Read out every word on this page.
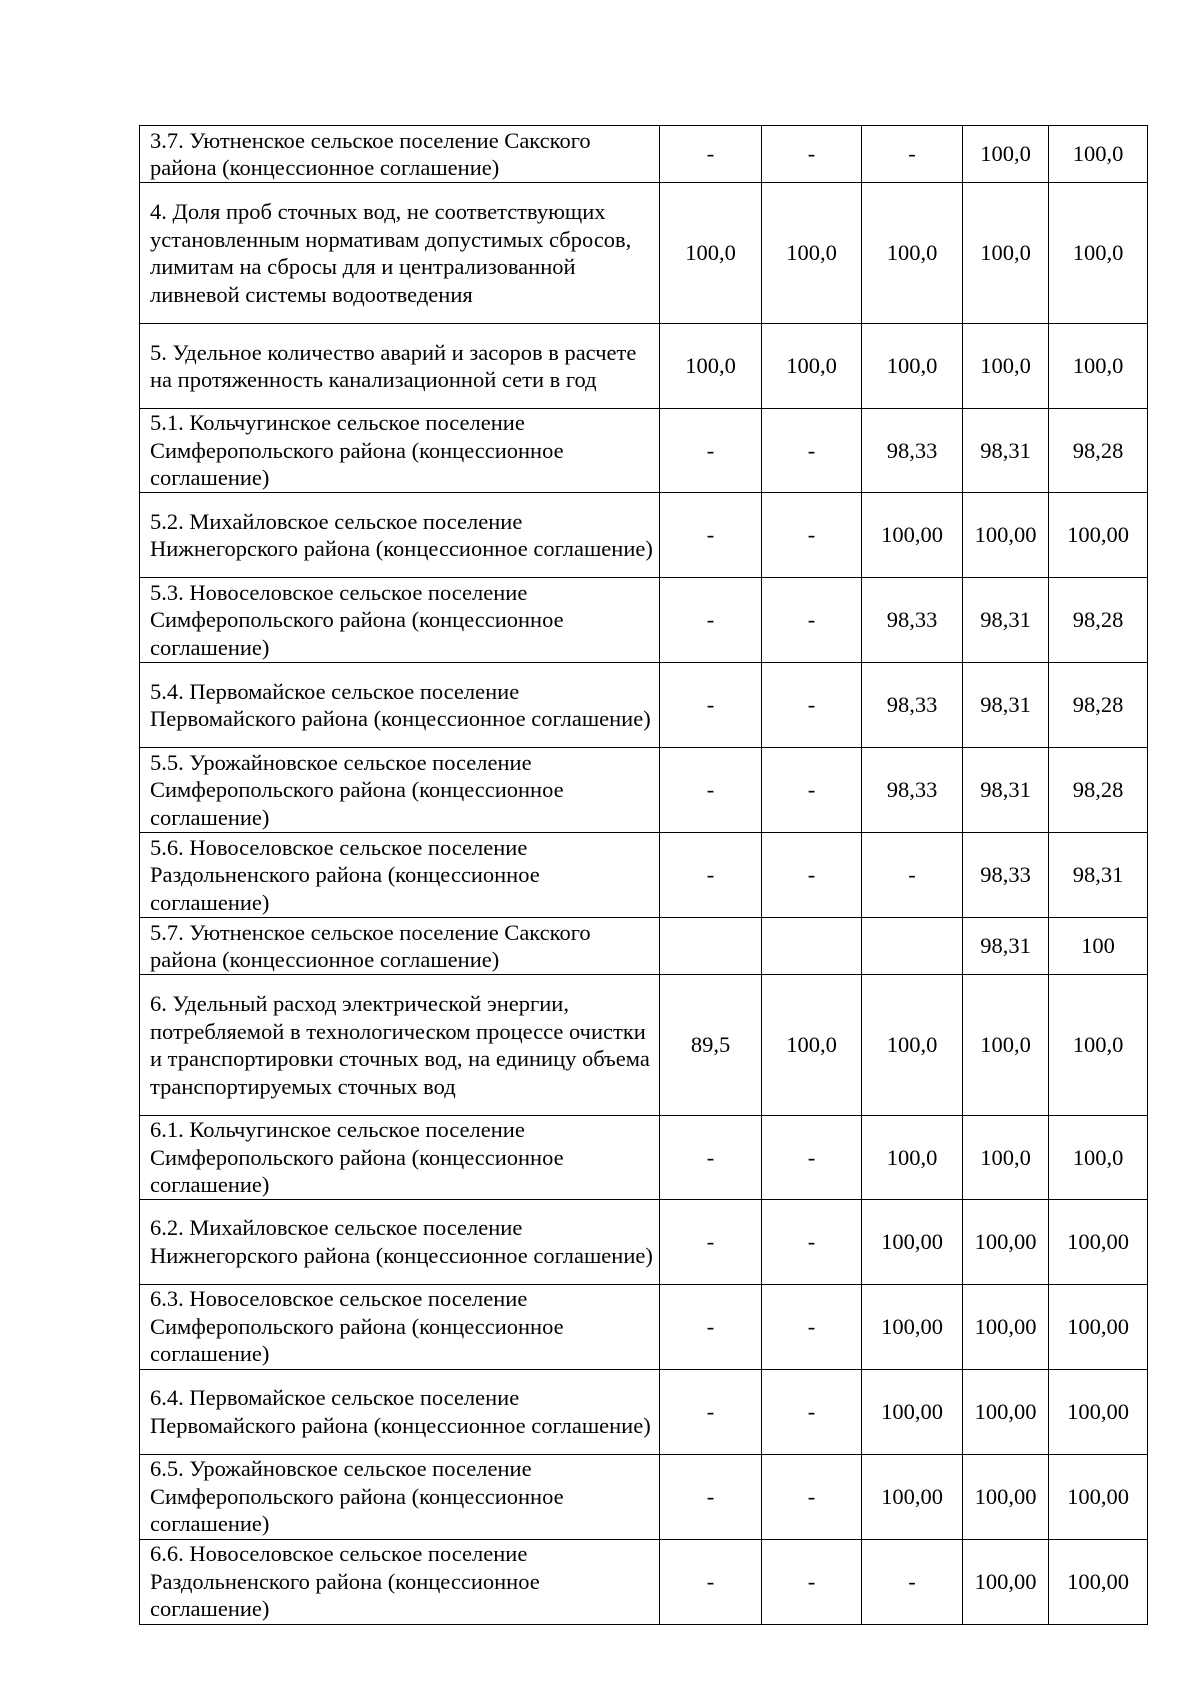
3.7. Уютненское сельское поселение Сакского района (концессионное соглашение)	-	-	-	100,0	100,0
4. Доля проб сточных вод, не соответствующих установленным нормативам допустимых сбросов, лимитам на сбросы для и централизованной ливневой системы водоотведения	100,0	100,0	100,0	100,0	100,0
5. Удельное количество аварий и засоров в расчете на протяженность канализационной сети в год	100,0	100,0	100,0	100,0	100,0
5.1. Кольчугинское сельское поселение Симферопольского района (концессионное соглашение)	-	-	98,33	98,31	98,28
5.2. Михайловское сельское поселение Нижнегорского района (концессионное соглашение)	-	-	100,00	100,00	100,00
5.3. Новоселовское сельское поселение Симферопольского района (концессионное соглашение)	-	-	98,33	98,31	98,28
5.4. Первомайское сельское поселение Первомайского района (концессионное соглашение)	-	-	98,33	98,31	98,28
5.5. Урожайновское сельское поселение Симферопольского района (концессионное соглашение)	-	-	98,33	98,31	98,28
5.6. Новоселовское сельское поселение Раздольненского района (концессионное соглашение)	-	-	-	98,33	98,31
5.7. Уютненское сельское поселение Сакского района (концессионное соглашение)				98,31	100
6. Удельный расход электрической энергии, потребляемой в технологическом процессе очистки и транспортировки сточных вод, на единицу объема транспортируемых сточных вод	89,5	100,0	100,0	100,0	100,0
6.1. Кольчугинское сельское поселение Симферопольского района (концессионное соглашение)	-	-	100,0	100,0	100,0
6.2. Михайловское сельское поселение Нижнегорского района (концессионное соглашение)	-	-	100,00	100,00	100,00
6.3. Новоселовское сельское поселение Симферопольского района (концессионное соглашение)	-	-	100,00	100,00	100,00
6.4. Первомайское сельское поселение Первомайского района (концессионное соглашение)	-	-	100,00	100,00	100,00
6.5. Урожайновское сельское поселение Симферопольского района (концессионное соглашение)	-	-	100,00	100,00	100,00
6.6. Новоселовское сельское поселение Раздольненского района (концессионное соглашение)	-	-	-	100,00	100,00
